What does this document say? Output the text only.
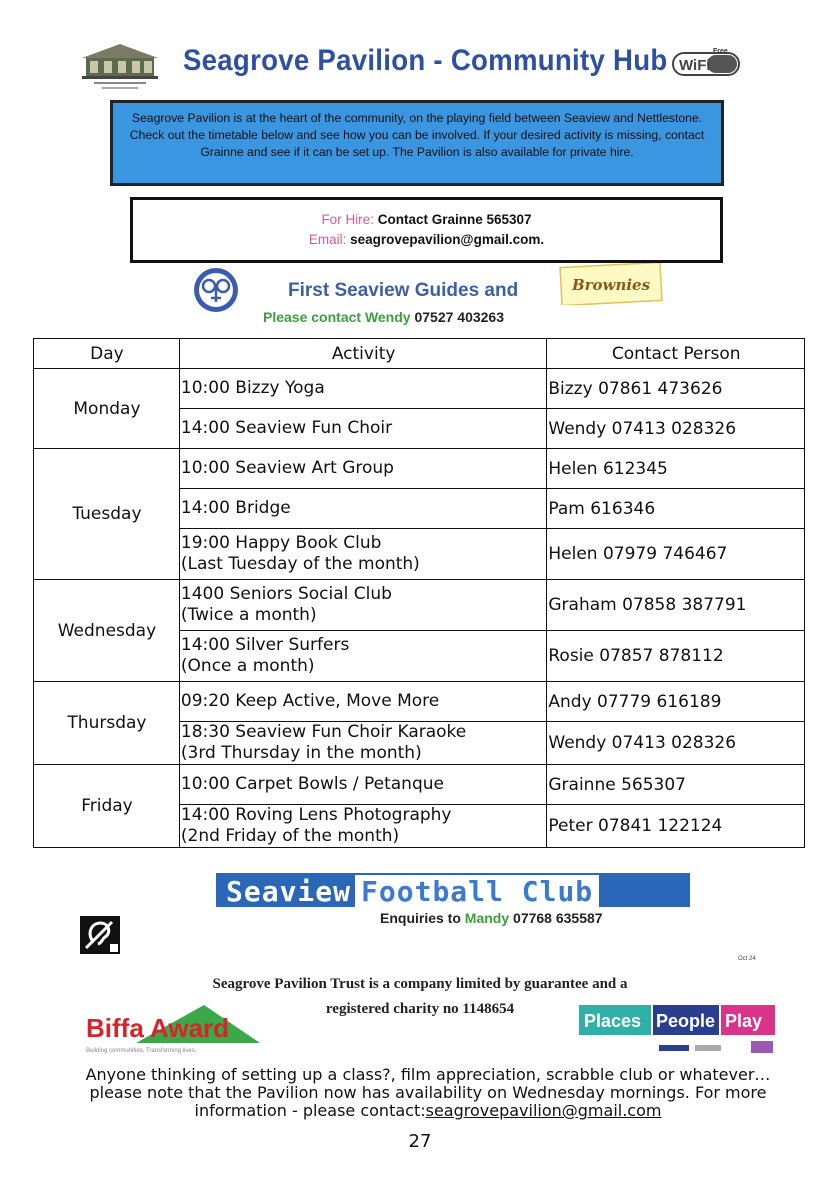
Seagrove Pavilion - Community Hub WiFi
Free
Seagrove Pavilion is at the heart of the community, on the playing field between Seaview and Nettlestone. Check out the timetable below and see how you can be involved. If your desired activity is missing, contact Grainne and see if it can be set up. The Pavilion is also available for private hire.
For Hire: Contact Grainne 565307
Email: seagrovepavilion@gmail.com.
First Seaview Guides and	Brownies
Please contact Wendy 07527 403263
Day	Activity	Contact Person
Monday	10:00 Bizzy Yoga	Bizzy 07861 473626
	14:00 Seaview Fun Choir	Wendy 07413 028326
Tuesday	10:00 Seaview Art Group	Helen 612345
	14:00 Bridge	Pam 616346

	19:00 Happy Book Club
(Last Tuesday of the month)	Helen 07979 746467
Wednesday	1400 Seniors Social Club
(Twice a month)	Graham 07858 387791

	14:00 Silver Surfers
(Once a month)	Rosie 07857 878112
Thursday	09:20 Keep Active, Move More	Andy 07779 616189

	18:30 Seaview Fun Choir Karaoke
(3rd Thursday in the month)	Wendy 07413 028326
Friday	10:00 Carpet Bowls / Petanque	Grainne 565307

	14:00 Roving Lens Photography
(2nd Friday of the month)	Peter 07841 122124
Seaview Football Club
Enquiries to Mandy 07768 635587
Oct 24
Seagrove Pavilion Trust is a company limited by guarantee and a
registered charity no 1148654
Biffa Award
Building communities. Transforming lives.
Places People Play
Anyone thinking of setting up a class?, film appreciation, scrabble club or whatever…please note that the Pavilion now has availability on Wednesday mornings. For more information - please contact:seagrovepavilion@gmail.com
27
